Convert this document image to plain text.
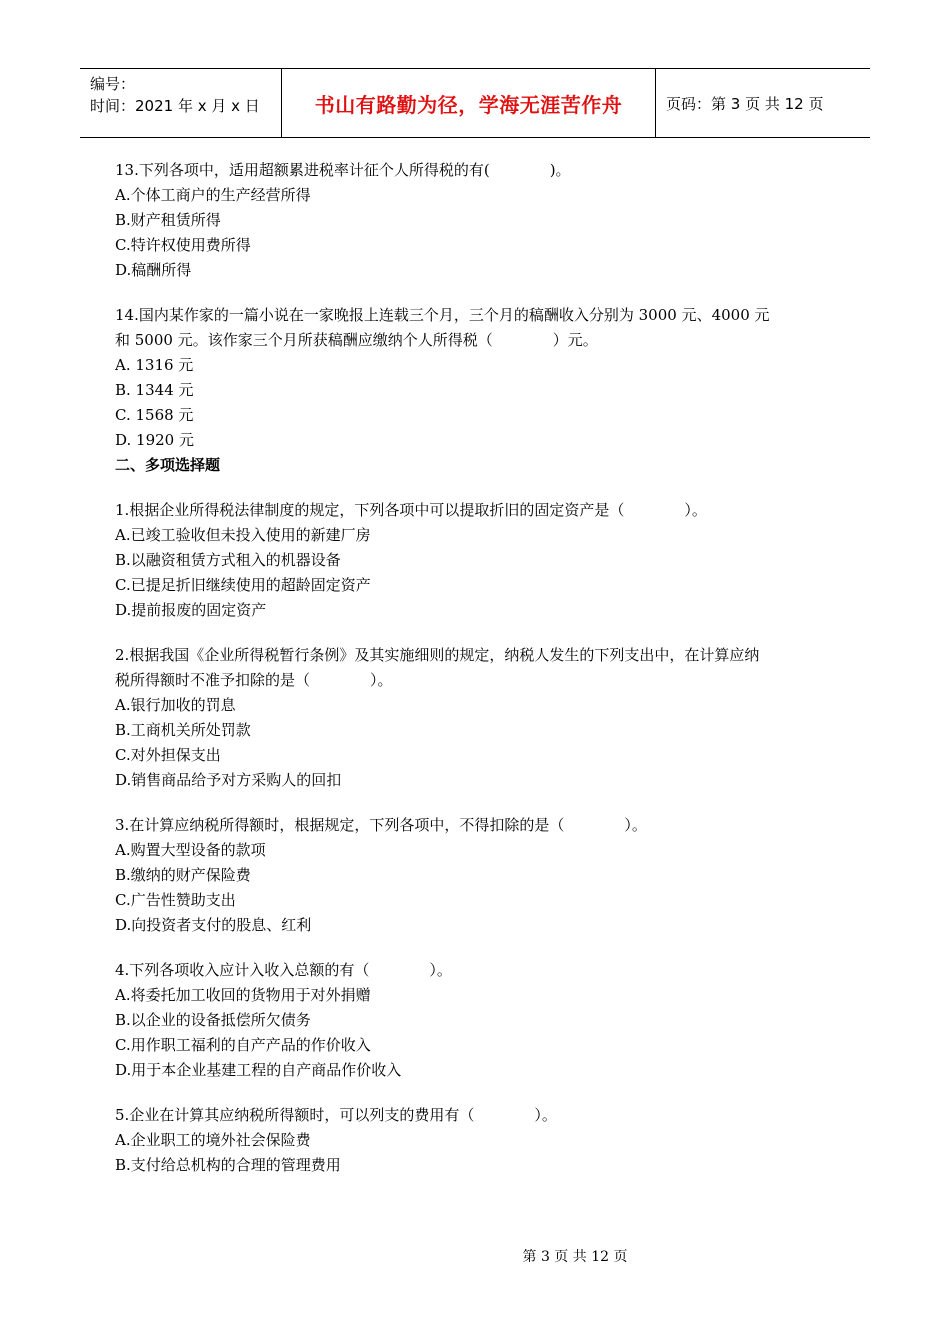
编号：
时间：2021 年 x 月 x 日	书山有路勤为径，学海无涯苦作舟	页码：第 3 页 共 12 页

13.下列各项中，适用超额累进税率计征个人所得税的有(　　　　)。

A.个体工商户的生产经营所得

B.财产租赁所得

C.特许权使用费所得

D.稿酬所得

14.国内某作家的一篇小说在一家晚报上连载三个月，三个月的稿酬收入分别为 3000 元、4000 元

和 5000 元。该作家三个月所获稿酬应缴纳个人所得税（　　　　）元。

A. 1316 元

B. 1344 元

C. 1568 元

D. 1920 元

二、多项选择题

1.根据企业所得税法律制度的规定，下列各项中可以提取折旧的固定资产是（　　　　）。

A.已竣工验收但未投入使用的新建厂房

B.以融资租赁方式租入的机器设备

C.已提足折旧继续使用的超龄固定资产

D.提前报废的固定资产

2.根据我国《企业所得税暂行条例》及其实施细则的规定，纳税人发生的下列支出中，在计算应纳

税所得额时不准予扣除的是（　　　　）。

A.银行加收的罚息

B.工商机关所处罚款

C.对外担保支出

D.销售商品给予对方采购人的回扣

3.在计算应纳税所得额时，根据规定，下列各项中，不得扣除的是（　　　　）。

A.购置大型设备的款项

B.缴纳的财产保险费

C.广告性赞助支出

D.向投资者支付的股息、红利

4.下列各项收入应计入收入总额的有（　　　　）。

A.将委托加工收回的货物用于对外捐赠

B.以企业的设备抵偿所欠债务

C.用作职工福利的自产产品的作价收入

D.用于本企业基建工程的自产商品作价收入

5.企业在计算其应纳税所得额时，可以列支的费用有（　　　　）。

A.企业职工的境外社会保险费

B.支付给总机构的合理的管理费用

第 3 页 共 12 页
